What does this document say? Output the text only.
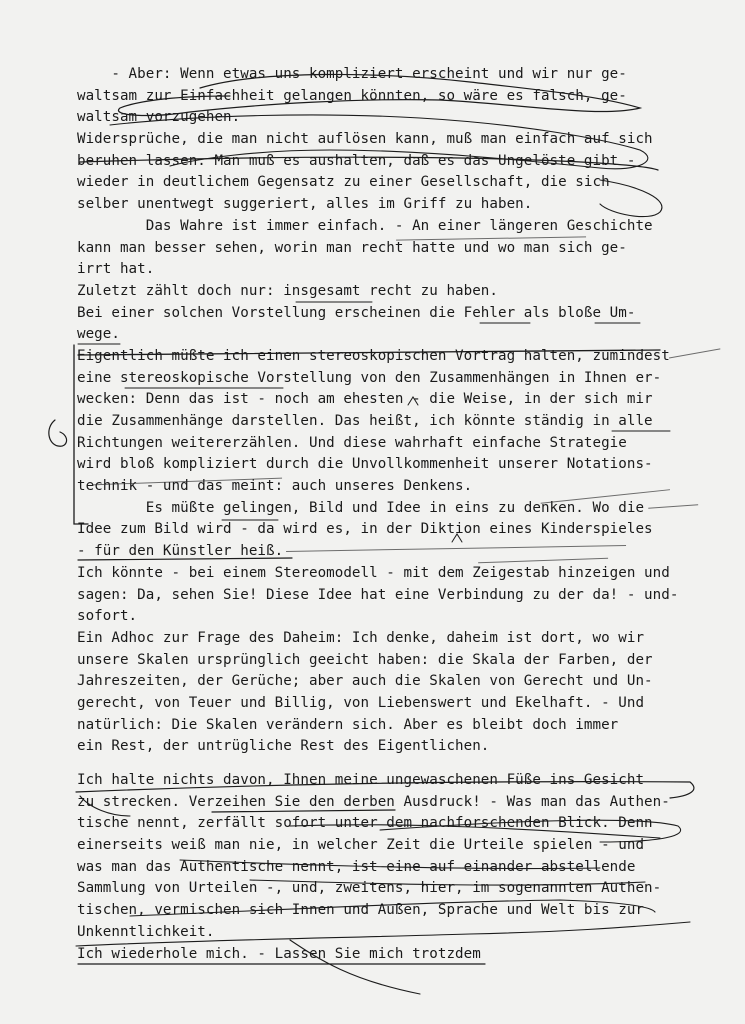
- Aber: Wenn etwas uns kompliziert erscheint und wir nur ge-
waltsam zur Einfachheit gelangen könnten, so wäre es falsch, ge-
waltsam vorzugehen.
Widersprüche, die man nicht auflösen kann, muß man einfach auf sich
beruhen lassen. Man muß es aushalten, daß es das Ungelöste gibt -
wieder in deutlichem Gegensatz zu einer Gesellschaft, die sich
selber unentwegt suggeriert, alles im Griff zu haben.
Das Wahre ist immer einfach. - An einer längeren Geschichte
kann man besser sehen, worin man recht hatte und wo man sich ge-
irrt hat.
Zuletzt zählt doch nur: insgesamt recht zu haben.
Bei einer solchen Vorstellung erscheinen die Fehler als bloße Um-
wege.
Eigentlich müßte ich einen stereoskopischen Vortrag halten, zumindest
eine stereoskopische Vorstellung von den Zusammenhängen in Ihnen er-
wecken: Denn das ist - noch am ehesten - die Weise, in der sich mir
die Zusammenhänge darstellen. Das heißt, ich könnte ständig in alle
Richtungen weitererzählen. Und diese wahrhaft einfache Strategie
wird bloß kompliziert durch die Unvollkommenheit unserer Notations-
technik - und das meint: auch unseres Denkens.
Es müßte gelingen, Bild und Idee in eins zu denken. Wo die
Idee zum Bild wird - da wird es, in der Diktion eines Kinderspieles
- für den Künstler heiß.
Ich könnte - bei einem Stereomodell - mit dem Zeigestab hinzeigen und
sagen: Da, sehen Sie! Diese Idee hat eine Verbindung zu der da! - und-
sofort.
Ein Adhoc zur Frage des Daheim: Ich denke, daheim ist dort, wo wir
unsere Skalen ursprünglich geeicht haben: die Skala der Farben, der
Jahreszeiten, der Gerüche; aber auch die Skalen von Gerecht und Un-
gerecht, von Teuer und Billig, von Liebenswert und Ekelhaft. - Und
natürlich: Die Skalen verändern sich. Aber es bleibt doch immer
ein Rest, der untrügliche Rest des Eigentlichen.
Ich halte nichts davon, Ihnen meine ungewaschenen Füße ins Gesicht
zu strecken. Verzeihen Sie den derben Ausdruck! - Was man das Authen-
tische nennt, zerfällt sofort unter dem nachforschenden Blick. Denn
einerseits weiß man nie, in welcher Zeit die Urteile spielen - und
was man das Authentische nennt, ist eine auf einander abstellende
Sammlung von Urteilen -, und, zweitens, hier, im sogenannten Authen-
tischen, vermischen sich Innen und Außen, Sprache und Welt bis zur
Unkenntlichkeit.
Ich wiederhole mich. - Lassen Sie mich trotzdem
